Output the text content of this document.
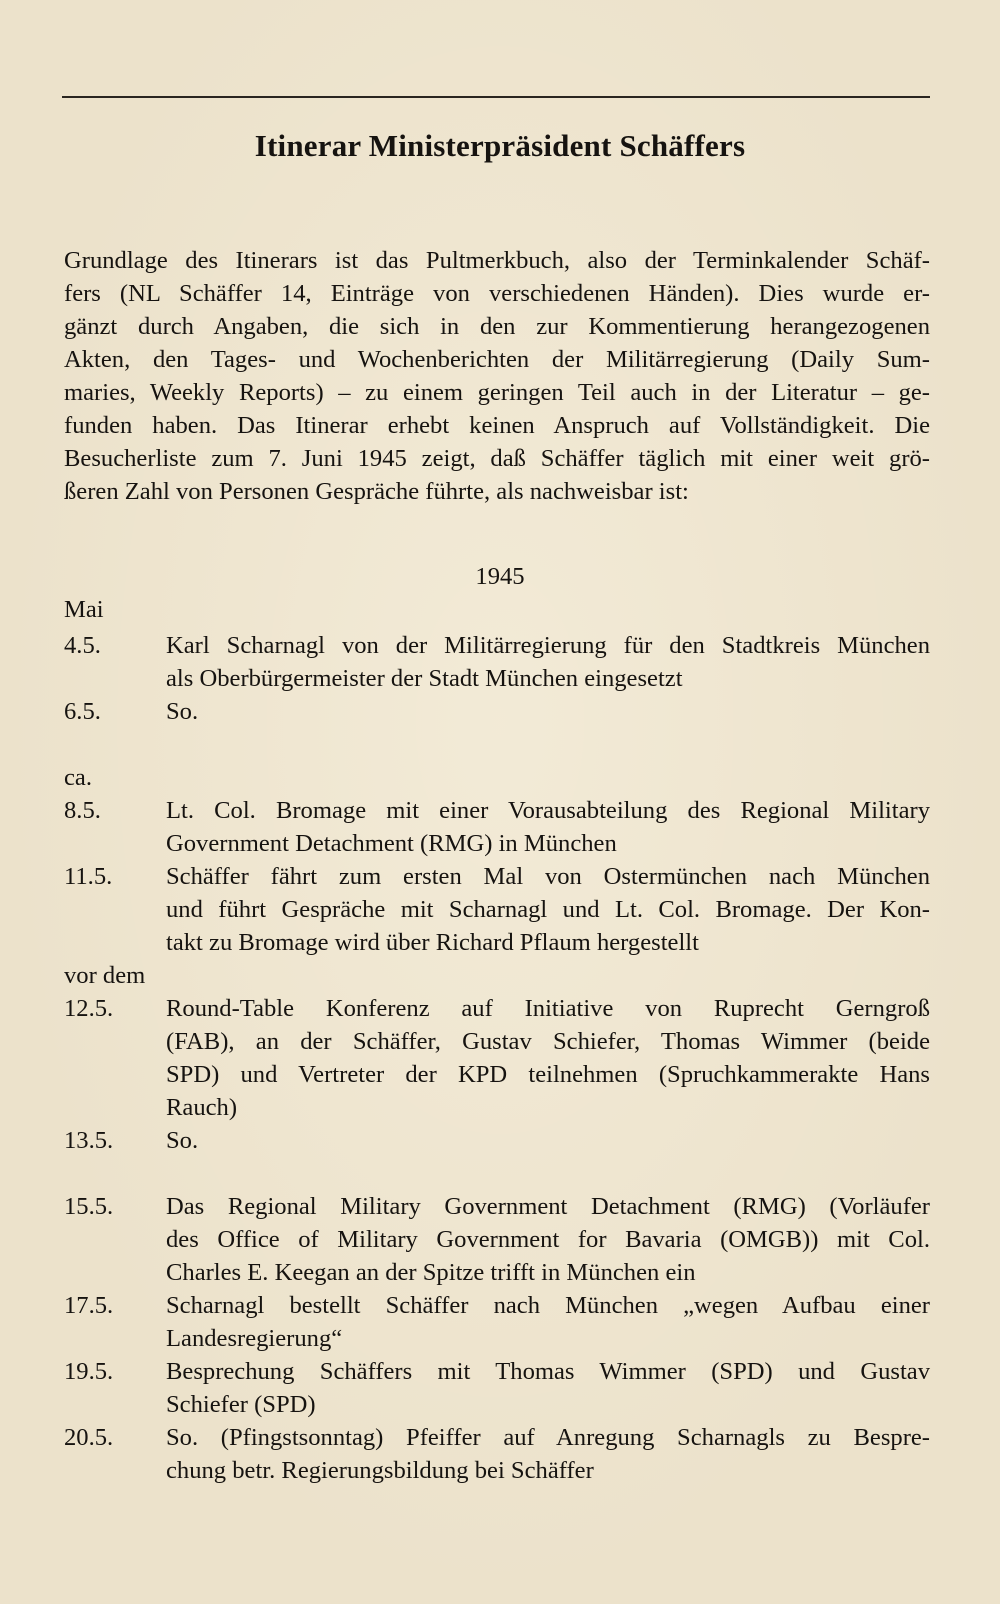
Itinerar Ministerpräsident Schäffers
Grundlage des Itinerars ist das Pultmerkbuch, also der Terminkalender Schäf-
fers (NL Schäffer 14, Einträge von verschiedenen Händen). Dies wurde er-
gänzt durch Angaben, die sich in den zur Kommentierung herangezogenen
Akten, den Tages- und Wochenberichten der Militärregierung (Daily Sum-
maries, Weekly Reports) – zu einem geringen Teil auch in der Literatur – ge-
funden haben. Das Itinerar erhebt keinen Anspruch auf Vollständigkeit. Die
Besucherliste zum 7. Juni 1945 zeigt, daß Schäffer täglich mit einer weit grö-
ßeren Zahl von Personen Gespräche führte, als nachweisbar ist:
1945
Mai
4.5.	Karl Scharnagl von der Militärregierung für den Stadtkreis München
als Oberbürgermeister der Stadt München eingesetzt
6.5.	So.
ca.
8.5.	Lt. Col. Bromage mit einer Vorausabteilung des Regional Military
Government Detachment (RMG) in München
11.5.	Schäffer fährt zum ersten Mal von Ostermünchen nach München
und führt Gespräche mit Scharnagl und Lt. Col. Bromage. Der Kon-
takt zu Bromage wird über Richard Pflaum hergestellt
vor dem
12.5.	Round-Table Konferenz auf Initiative von Ruprecht Gerngroß
(FAB), an der Schäffer, Gustav Schiefer, Thomas Wimmer (beide
SPD) und Vertreter der KPD teilnehmen (Spruchkammerakte Hans
Rauch)
13.5.	So.
15.5.	Das Regional Military Government Detachment (RMG) (Vorläufer
des Office of Military Government for Bavaria (OMGB)) mit Col.
Charles E. Keegan an der Spitze trifft in München ein
17.5.	Scharnagl bestellt Schäffer nach München „wegen Aufbau einer
Landesregierung“
19.5.	Besprechung Schäffers mit Thomas Wimmer (SPD) und Gustav
Schiefer (SPD)
20.5.	So. (Pfingstsonntag) Pfeiffer auf Anregung Scharnagls zu Bespre-
chung betr. Regierungsbildung bei Schäffer
